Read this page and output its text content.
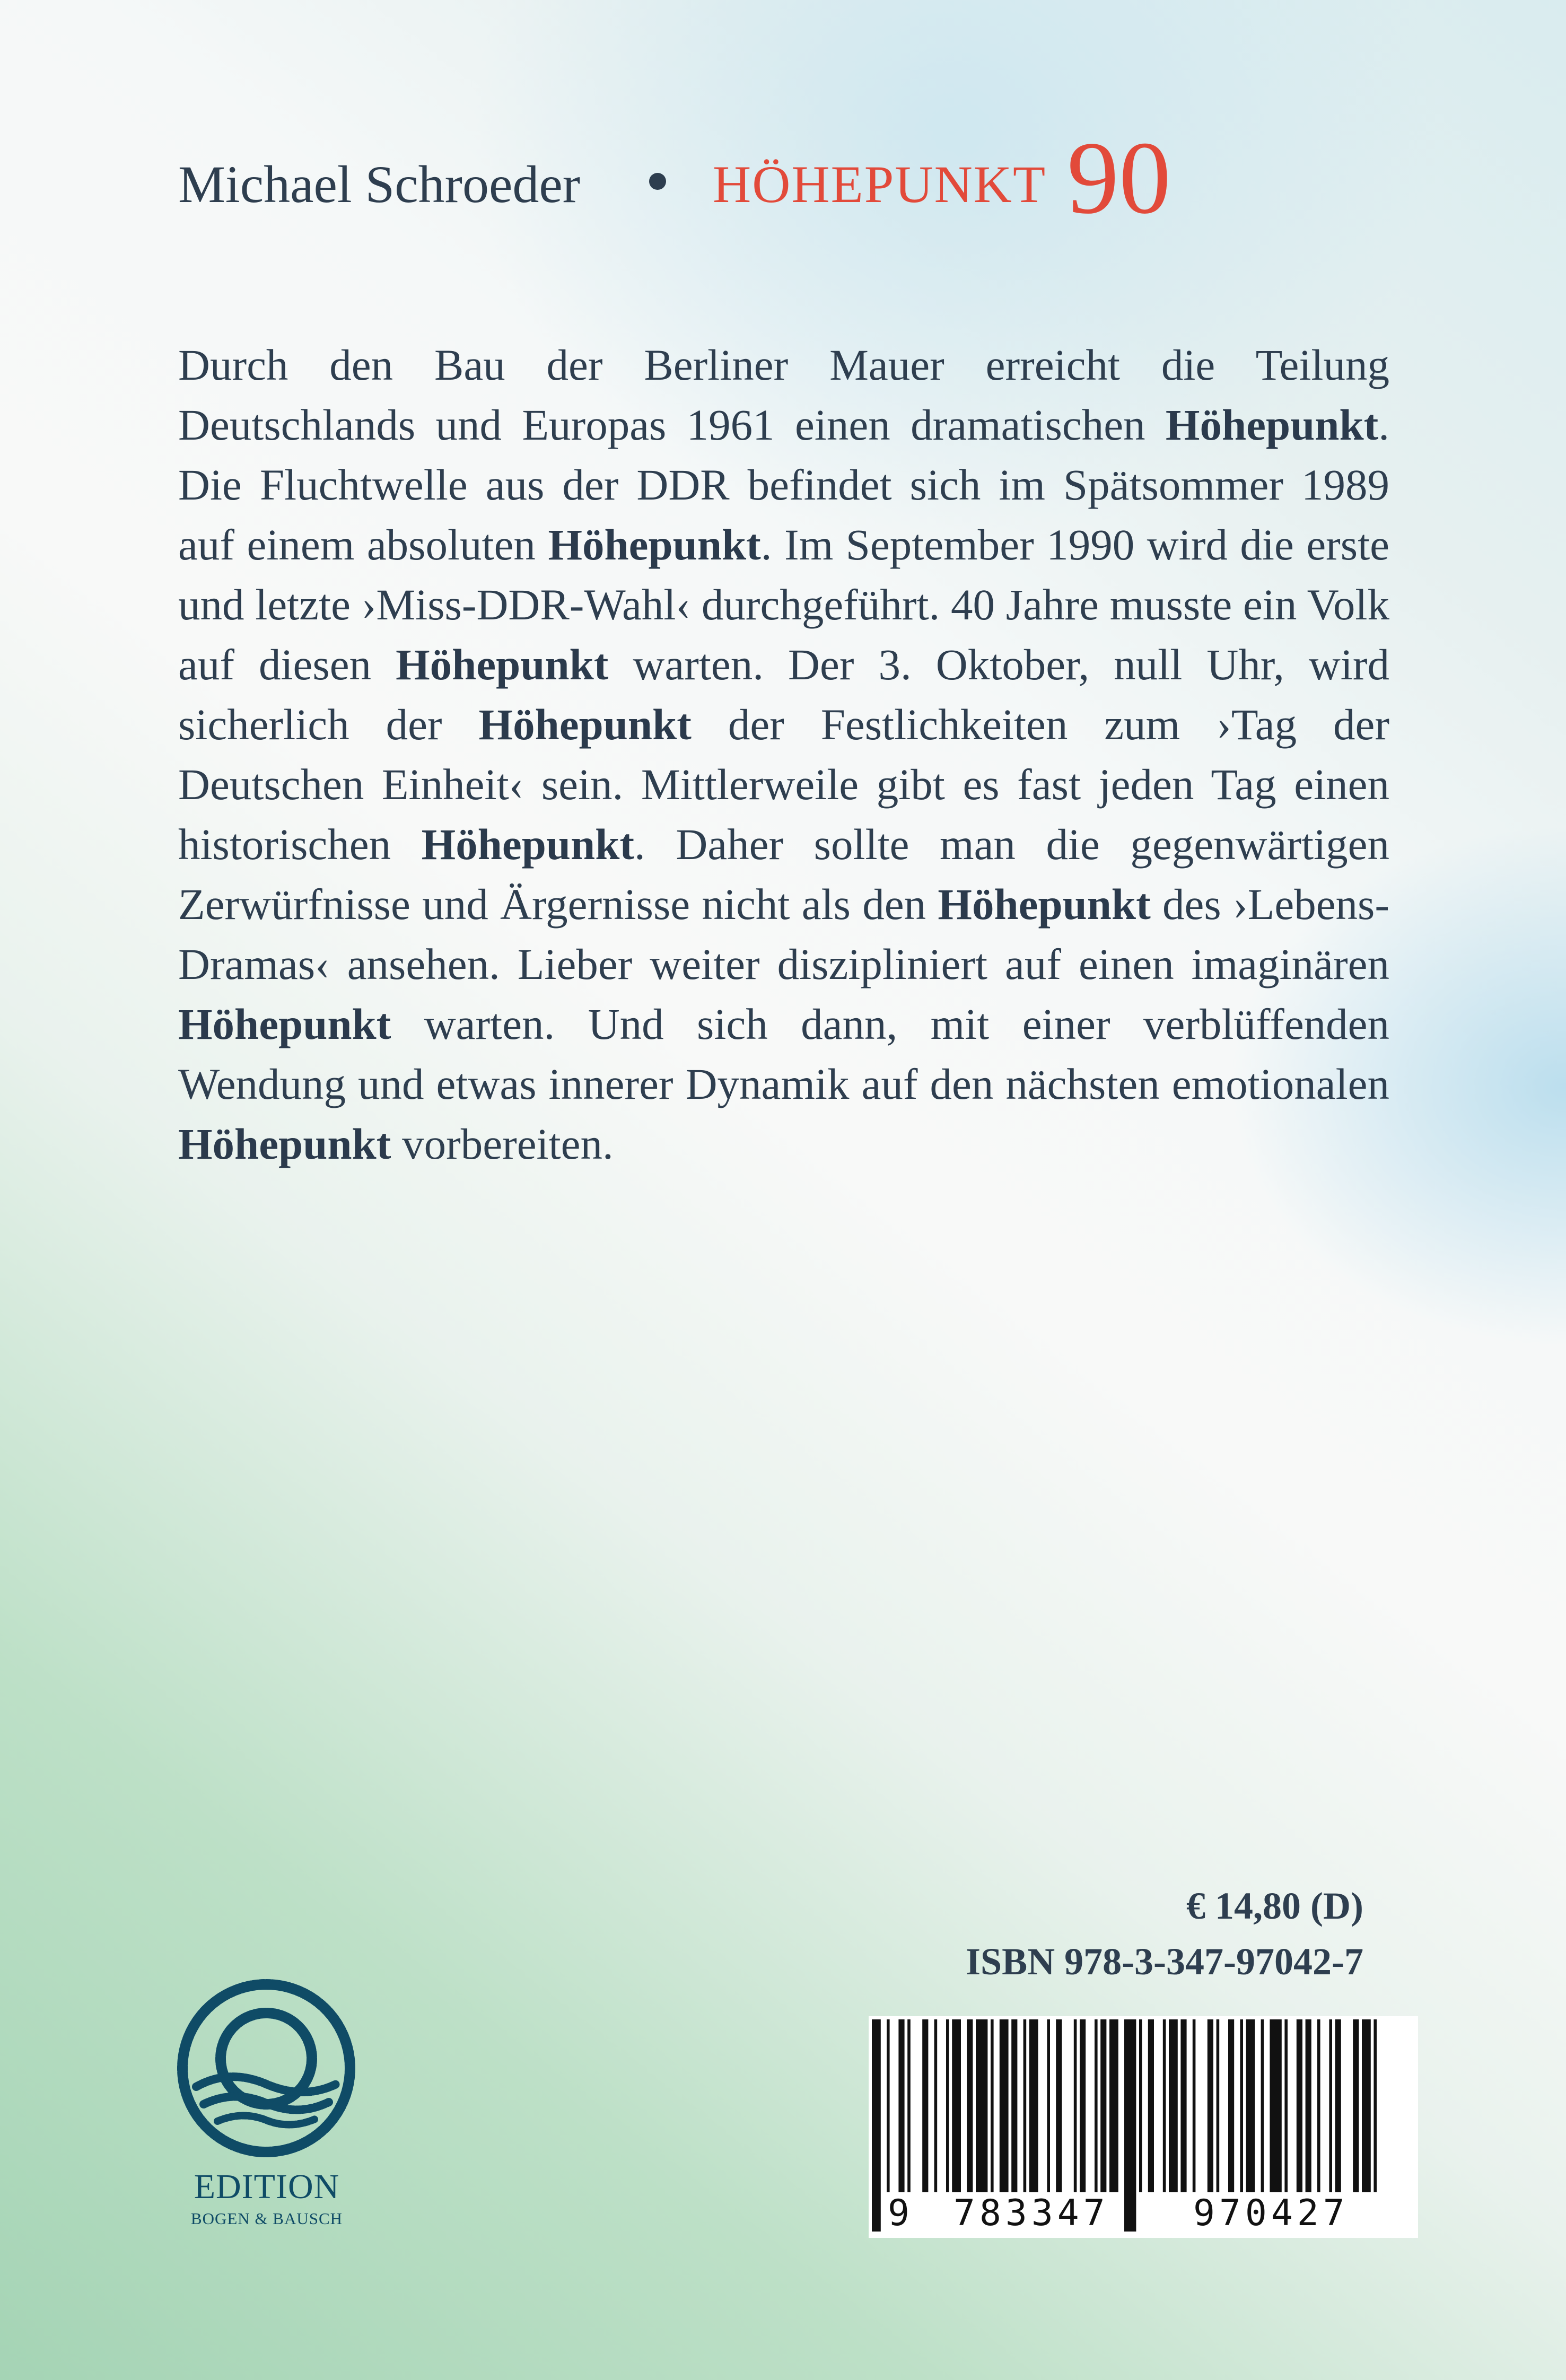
Michael Schroeder HÖHEPUNKT 90

Durch den Bau der Berliner Mauer erreicht die Teilung Deutschlands und Europas 1961 einen dramatischen Höhepunkt. Die Fluchtwelle aus der DDR befindet sich im Spätsommer 1989 auf einem absoluten Höhepunkt. Im September 1990 wird die erste und letzte ›Miss-DDR-Wahl‹ durchgeführt. 40 Jahre musste ein Volk auf diesen Höhepunkt warten. Der 3. Oktober, null Uhr, wird sicherlich der Höhepunkt der Festlichkeiten zum ›Tag der Deutschen Einheit‹ sein. Mittlerweile gibt es fast jeden Tag einen historischen Höhepunkt. Daher sollte man die gegenwärtigen Zerwürfnisse und Ärgernisse nicht als den Höhepunkt des ›Lebens-Dramas‹ ansehen. Lieber weiter diszipliniert auf einen imaginären Höhepunkt warten. Und sich dann, mit einer verblüffenden Wendung und etwas innerer Dynamik auf den nächsten emotionalen Höhepunkt vorbereiten.

€ 14,80 (D)
ISBN 978-3-347-97042-7
9 783347 970427
EDITION
BOGEN & BAUSCH
